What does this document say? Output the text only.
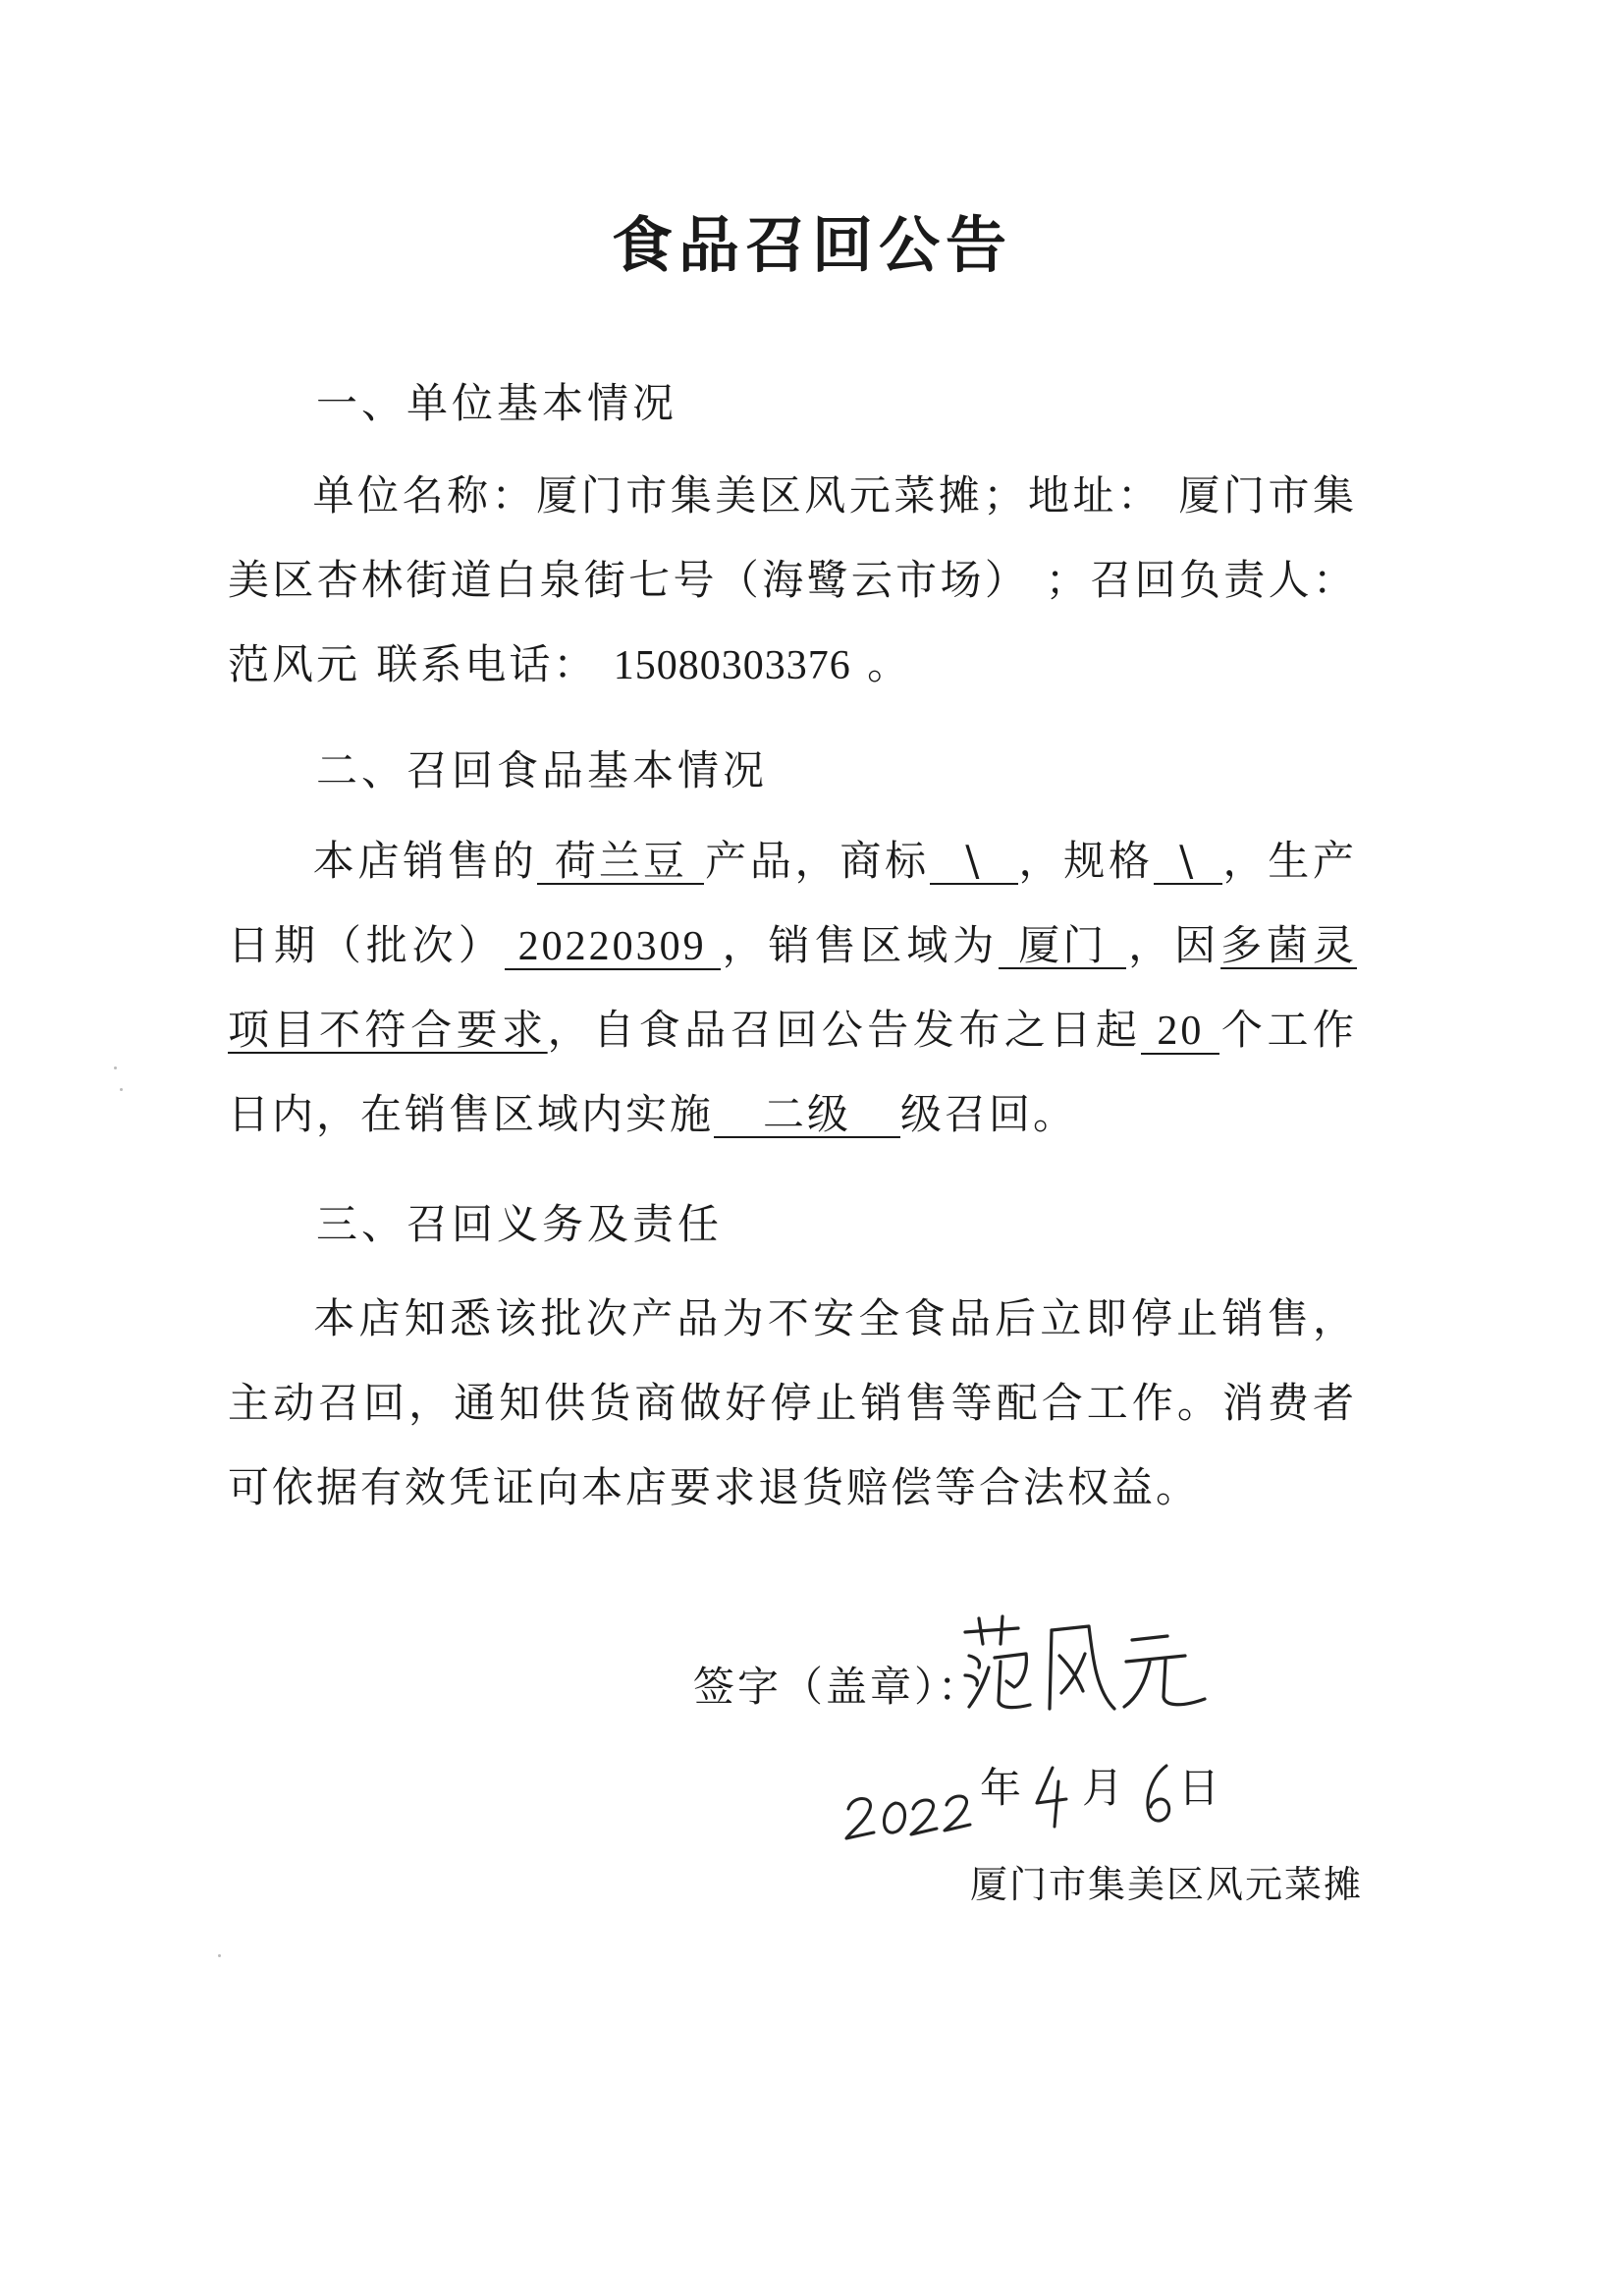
食品召回公告
一、单位基本情况
单位名称：厦门市集美区风元菜摊；地址： 厦门市集美区杏林街道白泉街七号（海鹭云市场） ；召回负责人： 范风元 联系电话： 15080303376 。
二、召回食品基本情况
本店销售的 荷兰豆 产品，商标 \ ，规格 \ ，生产日期（批次） 20220309 ，销售区域为 厦门 ，因多菌灵项目不符合要求，自食品召回公告发布之日起 20 个工作日内，在销售区域内实施 二级 级召回。
三、召回义务及责任
本店知悉该批次产品为不安全食品后立即停止销售，主动召回，通知供货商做好停止销售等配合工作。消费者可依据有效凭证向本店要求退货赔偿等合法权益。
签字（盖章）：
年 月 日
厦门市集美区风元菜摊
